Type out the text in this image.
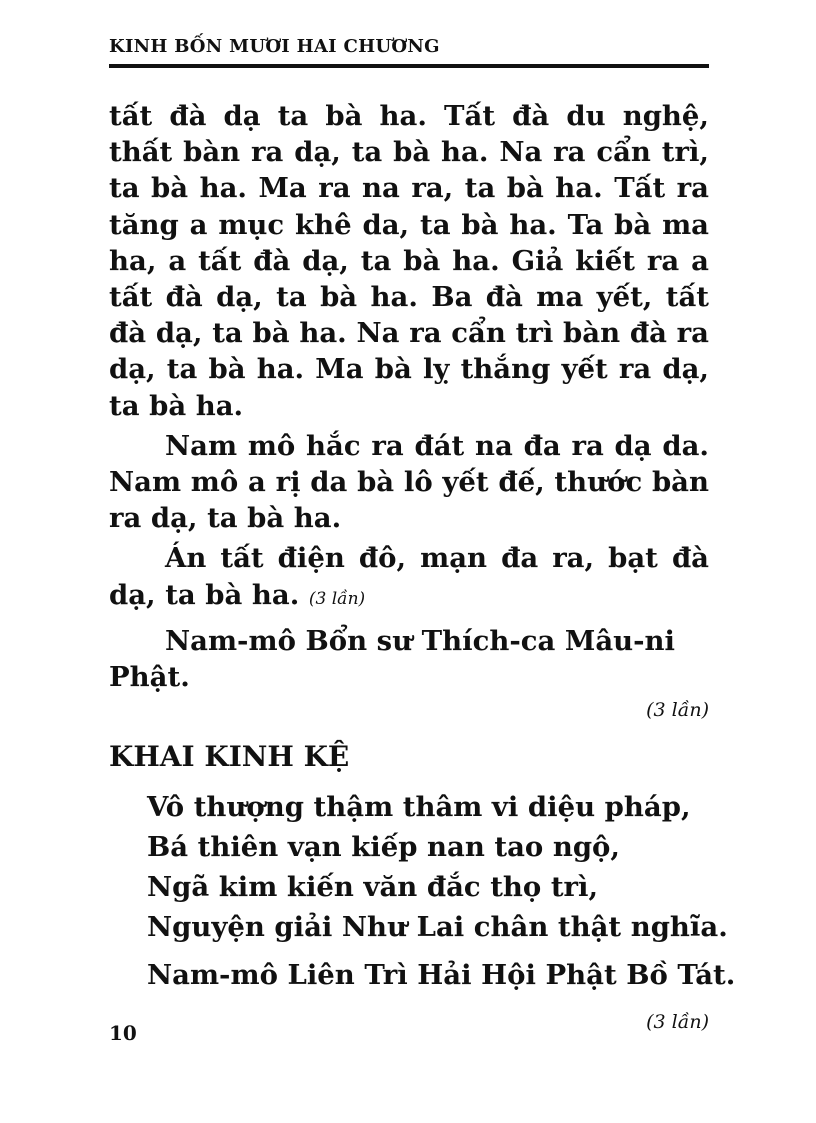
KINH BỐN MƯƠI HAI CHƯƠNG

tất đà dạ ta bà ha. Tất đà du nghệ, thất bàn ra dạ, ta bà ha. Na ra cẩn trì, ta bà ha. Ma ra na ra, ta bà ha. Tất ra tăng a mục khê da, ta bà ha. Ta bà ma ha, a tất đà dạ, ta bà ha. Giả kiết ra a tất đà dạ, ta bà ha. Ba đà ma yết, tất đà dạ, ta bà ha. Na ra cẩn trì bàn đà ra dạ, ta bà ha. Ma bà lỵ thắng yết ra dạ, ta bà ha.

Nam mô hắc ra đát na đa ra dạ da. Nam mô a rị da bà lô yết đế, thước bàn ra dạ, ta bà ha.

Án tất điện đô, mạn đa ra, bạt đà dạ, ta bà ha. (3 lần)

Nam-mô Bổn sư Thích-ca Mâu-ni Phật.

(3 lần)
KHAI KINH KỆ
Vô thượng thậm thâm vi diệu pháp,
Bá thiên vạn kiếp nan tao ngộ,
Ngã kim kiến văn đắc thọ trì,
Nguyện giải Như Lai chân thật nghĩa.
Nam-mô Liên Trì Hải Hội Phật Bồ Tát.
(3 lần)
10
